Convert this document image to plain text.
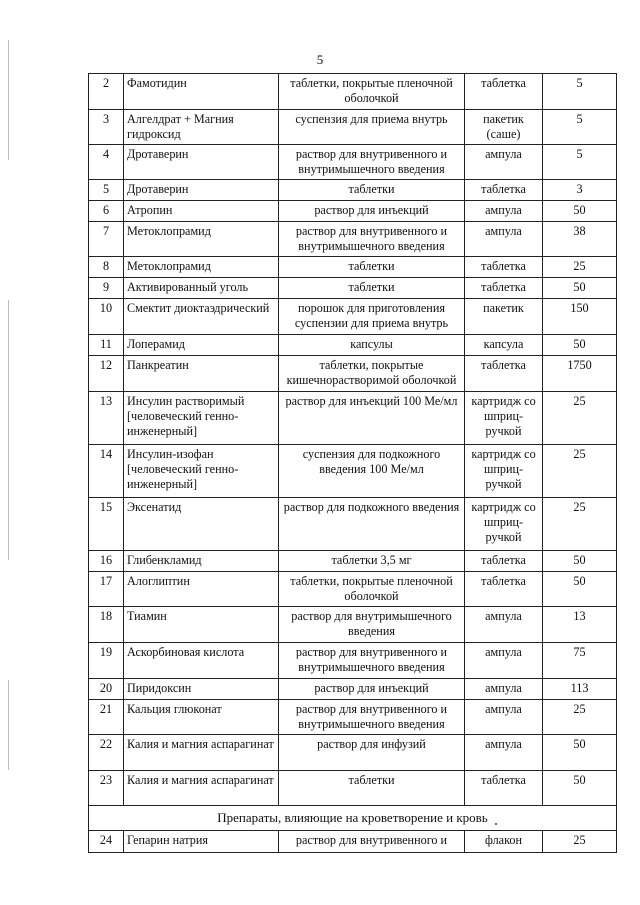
5
2	Фамотидин	таблетки, покрытые пленочной оболочкой	таблетка	5
3	Алгелдрат + Магния гидроксид	суспензия для приема внутрь	пакетик (саше)	5
4	Дротаверин	раствор для внутривенного и внутримышечного введения	ампула	5
5	Дротаверин	таблетки	таблетка	3
6	Атропин	раствор для инъекций	ампула	50
7	Метоклопрамид	раствор для внутривенного и внутримышечного введения	ампула	38
8	Метоклопрамид	таблетки	таблетка	25
9	Активированный уголь	таблетки	таблетка	50
10	Смектит диоктаэдрический	порошок для приготовления суспензии для приема внутрь	пакетик	150
11	Лоперамид	капсулы	капсула	50
12	Панкреатин	таблетки, покрытые кишечнорастворимой оболочкой	таблетка	1750
13	Инсулин растворимый [человеческий генно-инженерный]	раствор для инъекций 100 Ме/мл	картридж со шприц-ручкой	25
14	Инсулин-изофан [человеческий генно-инженерный]	суспензия для подкожного введения 100 Ме/мл	картридж со шприц-ручкой	25
15	Эксенатид	раствор для подкожного введения	картридж со шприц-ручкой	25
16	Глибенкламид	таблетки 3,5 мг	таблетка	50
17	Алоглиптин	таблетки, покрытые пленочной оболочкой	таблетка	50
18	Тиамин	раствор для внутримышечного введения	ампула	13
19	Аскорбиновая кислота	раствор для внутривенного и внутримышечного введения	ампула	75
20	Пиридоксин	раствор для инъекций	ампула	113
21	Кальция глюконат	раствор для внутривенного и внутримышечного введения	ампула	25
22	Калия и магния аспарагинат	раствор для инфузий	ампула	50
23	Калия и магния аспарагинат	таблетки	таблетка	50
Препараты, влияющие на кроветворение и кровь				
24	Гепарин натрия	раствор для внутривенного и	флакон	25
